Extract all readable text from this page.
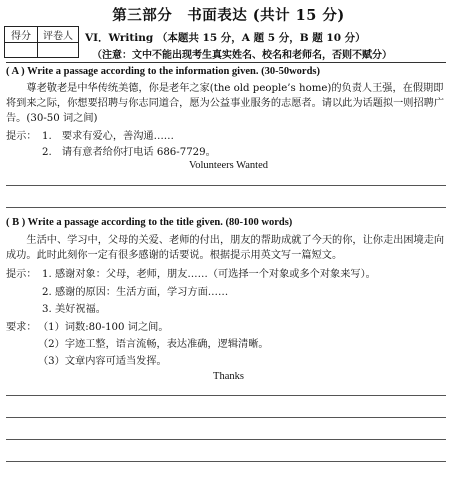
第三部分　书面表达 (共计 15 分)
得分	评卷人
	VI．Writing （本题共 15 分，A 题 5 分，B 题 10 分）
（注意：文中不能出现考生真实姓名、校名和老师名，否则不赋分）
( A ) Write a passage according to the information given. (30-50words)
尊老敬老是中华传统美德，你是老年之家(the old people’s home)的负责人王强，在假期即将到来之际，你想要招聘与你志同道合，愿为公益事业服务的志愿者。请以此为话题拟一则招聘广告。(30-50 词之间)
提示： 1.　要求有爱心，善沟通……
2.　请有意者给你打电话 686-7729。
Volunteers Wanted
( B ) Write a passage according to the title given. (80-100 words)
生活中、学习中，父母的关爱、老师的付出，朋友的帮助成就了今天的你，让你走出困境走向成功。此时此刻你一定有很多感谢的话要说。根据提示用英文写一篇短文。
提示： 1. 感谢对象：父母，老师，朋友……（可选择一个对象或多个对象来写）。
2. 感谢的原因：生活方面，学习方面……
3. 美好祝福。
要求： （1）词数:80-100 词之间。
（2）字迹工整，语言流畅，表达准确，逻辑清晰。
（3）文章内容可适当发挥。
Thanks
